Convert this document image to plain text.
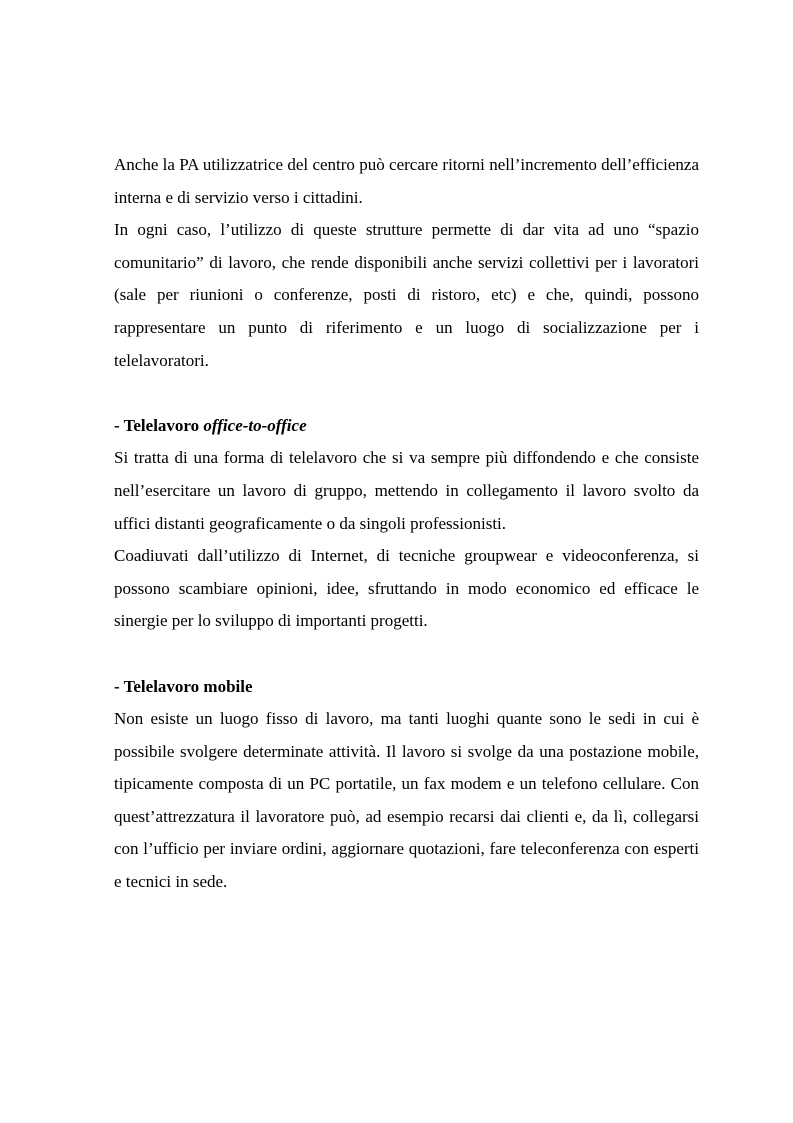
Anche la PA utilizzatrice del centro può cercare ritorni nell’incremento dell’efficienza interna e di servizio verso i cittadini.

In ogni caso, l’utilizzo di queste strutture permette di dar vita ad uno “spazio comunitario” di lavoro, che rende disponibili anche servizi collettivi per i lavoratori (sale per riunioni o conferenze, posti di ristoro, etc) e che, quindi, possono rappresentare un punto di riferimento e un luogo di socializzazione per i telelavoratori.

- Telelavoro office-to-office

Si tratta di una forma di telelavoro che si va sempre più diffondendo e che consiste nell’esercitare un lavoro di gruppo, mettendo in collegamento il lavoro svolto da uffici distanti geograficamente o da singoli professionisti.

Coadiuvati dall’utilizzo di Internet, di tecniche groupwear e videoconferenza, si possono scambiare opinioni, idee, sfruttando in modo economico ed efficace le sinergie per lo sviluppo di importanti progetti.

- Telelavoro mobile

Non esiste un luogo fisso di lavoro, ma tanti luoghi quante sono le sedi in cui è possibile svolgere determinate attività. Il lavoro si svolge da una postazione mobile, tipicamente composta di un PC portatile, un fax modem e un telefono cellulare. Con quest’attrezzatura il lavoratore può, ad esempio recarsi dai clienti e, da lì, collegarsi con l’ufficio per inviare ordini, aggiornare quotazioni, fare teleconferenza con esperti e tecnici in sede.
